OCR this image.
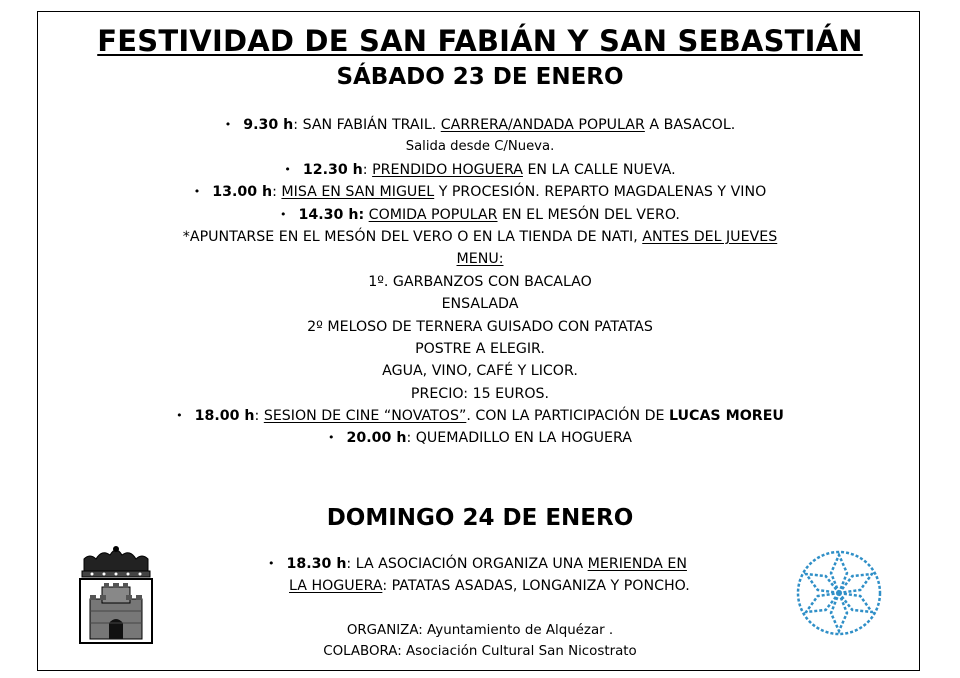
FESTIVIDAD DE SAN FABIÁN Y SAN SEBASTIÁN
SÁBADO 23 DE ENERO
• 9.30 h: SAN FABIÁN TRAIL. CARRERA/ANDADA POPULAR A BASACOL.
Salida desde C/Nueva.
• 12.30 h: PRENDIDO HOGUERA EN LA CALLE NUEVA.
• 13.00 h: MISA EN SAN MIGUEL Y PROCESIÓN. REPARTO MAGDALENAS Y VINO
• 14.30 h: COMIDA POPULAR EN EL MESÓN DEL VERO.
*APUNTARSE EN EL MESÓN DEL VERO O EN LA TIENDA DE NATI, ANTES DEL JUEVES
MENU:
1º. GARBANZOS CON BACALAO
ENSALADA
2º MELOSO DE TERNERA GUISADO CON PATATAS
POSTRE A ELEGIR.
AGUA, VINO, CAFÉ Y LICOR.
PRECIO: 15 EUROS.
• 18.00 h: SESION DE CINE “NOVATOS”. CON LA PARTICIPACIÓN DE LUCAS MOREU
• 20.00 h: QUEMADILLO EN LA HOGUERA
DOMINGO 24 DE ENERO
• 18.30 h: LA ASOCIACIÓN ORGANIZA UNA MERIENDA EN
LA HOGUERA: PATATAS ASADAS, LONGANIZA Y PONCHO.
ORGANIZA: Ayuntamiento de Alquézar .
COLABORA: Asociación Cultural San Nicostrato
